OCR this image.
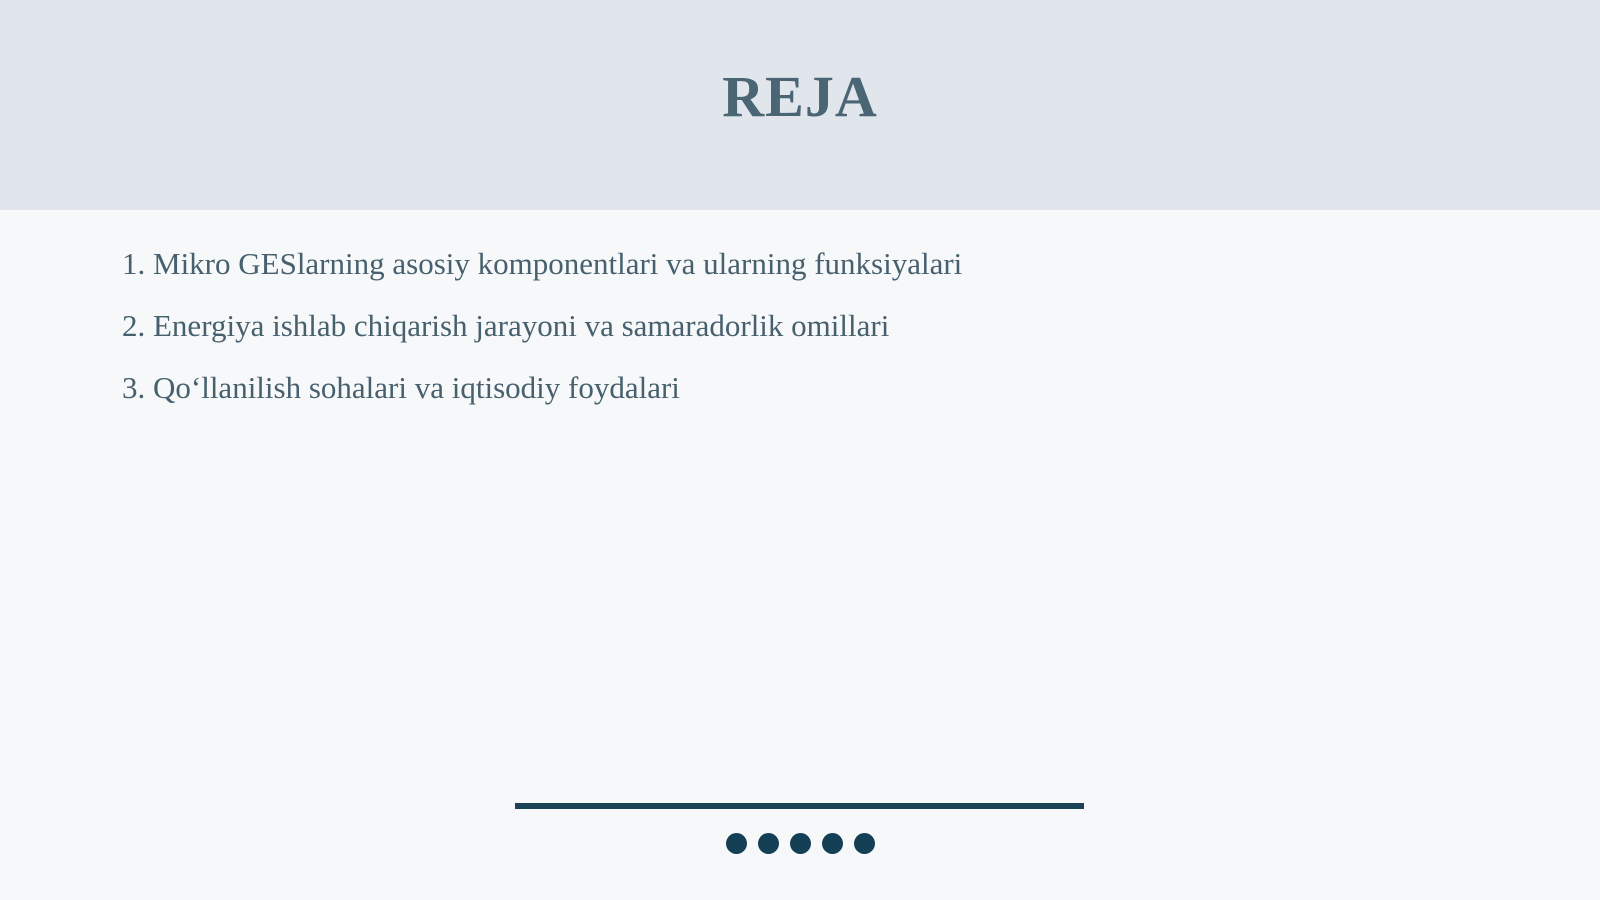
REJA
1. Mikro GESlarning asosiy komponentlari va ularning funksiyalari
2. Energiya ishlab chiqarish jarayoni va samaradorlik omillari
3. Qo‘llanilish sohalari va iqtisodiy foydalari
